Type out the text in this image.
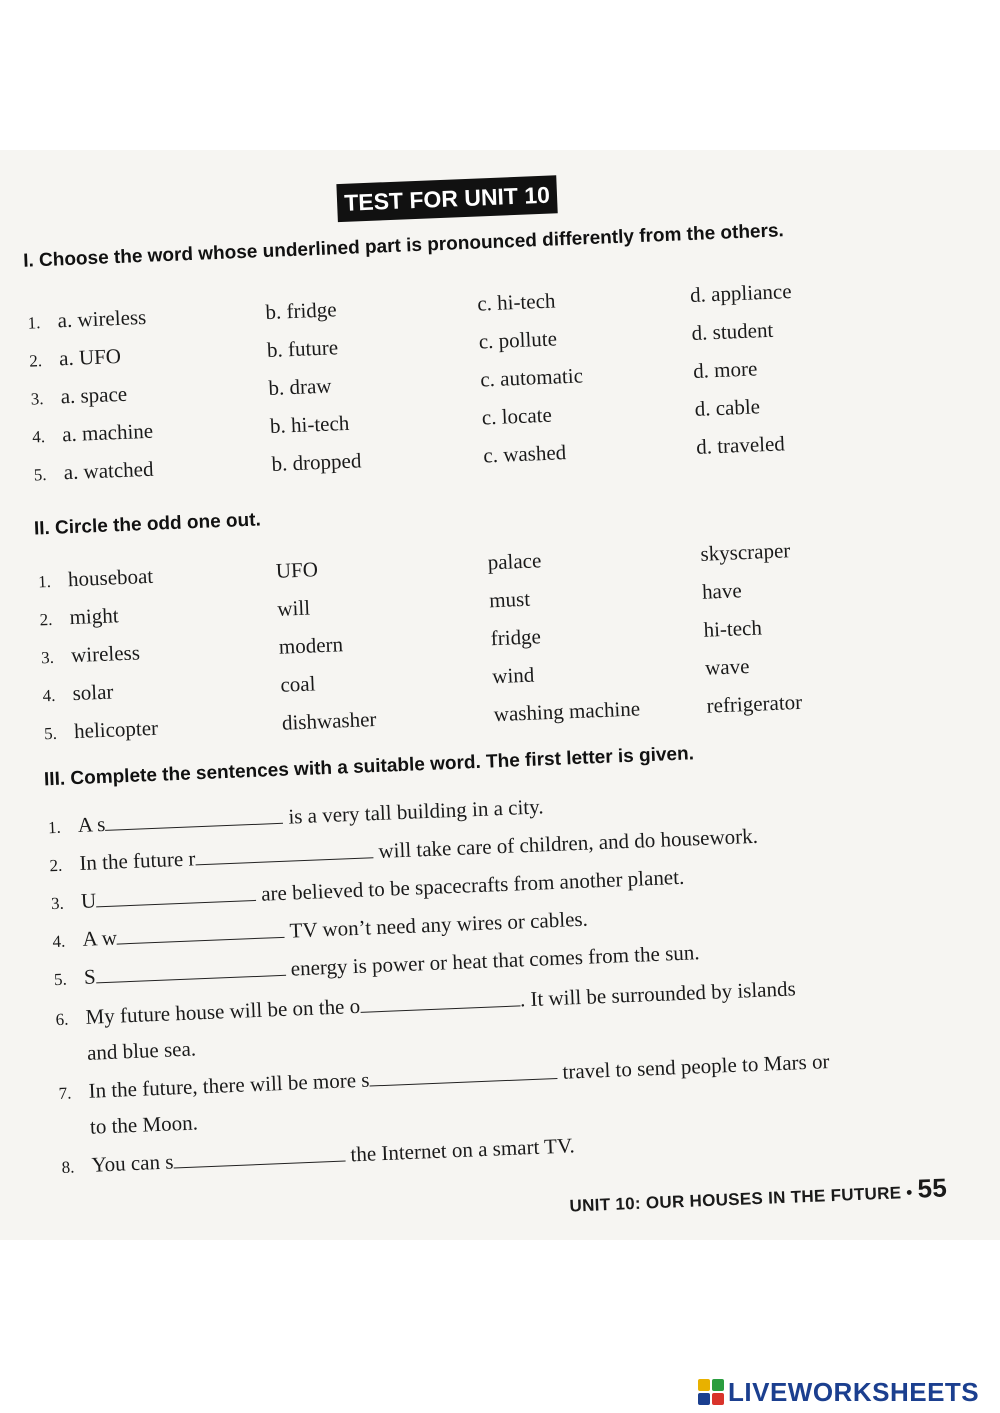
TEST FOR UNIT 10
I. Choose the word whose underlined part is pronounced differently from the others.
1. a. wireless	b. fridge	c. hi-tech	d. appliance
2. a. UFO	b. future	c. pollute	d. student
3. a. space	b. draw	c. automatic	d. more
4. a. machine	b. hi-tech	c. locate	d. cable
5. a. watched	b. dropped	c. washed	d. traveled
II. Circle the odd one out.
1. houseboat	UFO	palace	skyscraper
2. might	will	must	have
3. wireless	modern	fridge	hi-tech
4. solar	coal	wind	wave
5. helicopter	dishwasher	washing machine	refrigerator
III. Complete the sentences with a suitable word. The first letter is given.
1. A s	is a very tall building in a city.
2. In the future r	will take care of children, and do housework.
3. U	are believed to be spacecrafts from another planet.
4. A w	TV won’t need any wires or cables.
5. S	energy is power or heat that comes from the sun.
6. My future house will be on the o	. It will be surrounded by islands
and blue sea.
7. In the future, there will be more s travel to send people to Mars or
to the Moon.
8. You can s	the Internet on a smart TV.
UNIT 10: OUR HOUSES IN THE FUTURE • 55
LIVEWORKSHEETS
